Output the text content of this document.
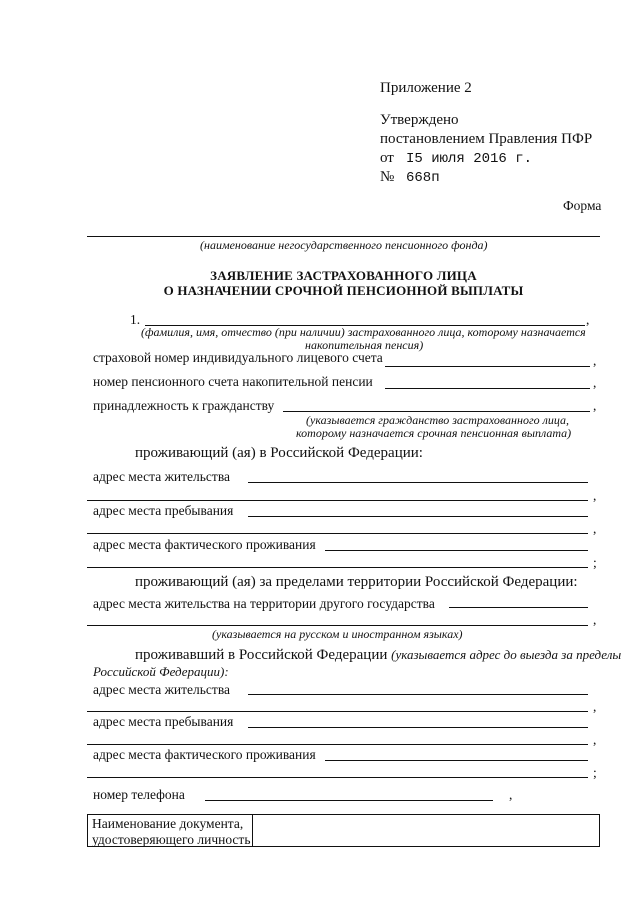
Приложение 2
Утверждено
постановлением Правления ПФР
от I5 июля 2016 г.
№ 668п
Форма
(наименование негосударственного пенсионного фонда)
ЗАЯВЛЕНИЕ ЗАСТРАХОВАННОГО ЛИЦА
О НАЗНАЧЕНИИ СРОЧНОЙ ПЕНСИОННОЙ ВЫПЛАТЫ
1.	,
(фамилия, имя, отчество (при наличии) застрахованного лица, которому назначается
накопительная пенсия)
страховой номер индивидуального лицевого счета	,
номер пенсионного счета накопительной пенсии	,
принадлежность к гражданству	,
(указывается гражданство застрахованного лица,
которому назначается срочная пенсионная выплата)
проживающий (ая) в Российской Федерации:
адрес места жительства
,
адрес места пребывания
,
адрес места фактического проживания
;
проживающий (ая) за пределами территории Российской Федерации:
адрес места жительства на территории другого государства
,
(указывается на русском и иностранном языках)
проживавший в Российской Федерации (указывается адрес до выезда за пределы
Российской Федерации):
адрес места жительства
,
адрес места пребывания
,
адрес места фактического проживания
;
номер телефона	,
Наименование документа,
удостоверяющего личность
